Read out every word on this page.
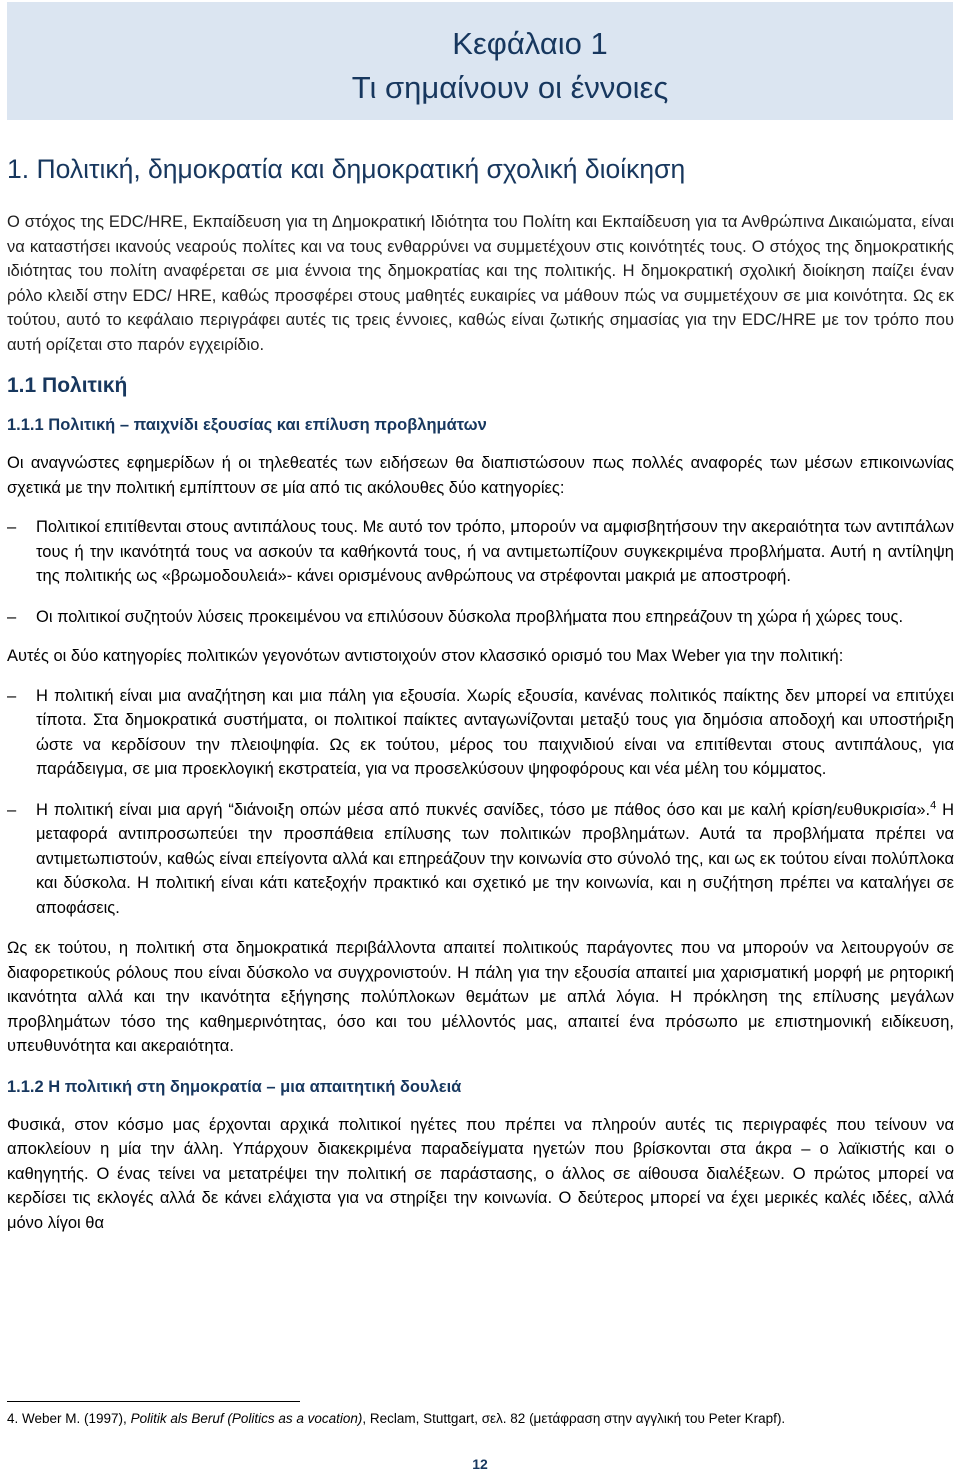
Κεφάλαιο 1
Τι σημαίνουν οι έννοιες
1. Πολιτική, δημοκρατία και δημοκρατική σχολική διοίκηση

Ο στόχος της EDC/HRE, Εκπαίδευση για τη Δημοκρατική Ιδιότητα του Πολίτη και Εκπαίδευση για τα Ανθρώπινα Δικαιώματα, είναι να καταστήσει ικανούς νεαρούς πολίτες και να τους ενθαρρύνει να συμμετέχουν στις κοινότητές τους. Ο στόχος της δημοκρατικής ιδιότητας του πολίτη αναφέρεται σε μια έννοια της δημοκρατίας και της πολιτικής. Η δημοκρατική σχολική διοίκηση παίζει έναν ρόλο κλειδί στην EDC/ HRE, καθώς προσφέρει στους μαθητές ευκαιρίες να μάθουν πώς να συμμετέχουν σε μια κοινότητα. Ως εκ τούτου, αυτό το κεφάλαιο περιγράφει αυτές τις τρεις έννοιες, καθώς είναι ζωτικής σημασίας για την EDC/HRE με τον τρόπο που αυτή ορίζεται στο παρόν εγχειρίδιο.

1.1 Πολιτική
1.1.1 Πολιτική – παιχνίδι εξουσίας και επίλυση προβλημάτων

Οι αναγνώστες εφημερίδων ή οι τηλεθεατές των ειδήσεων θα διαπιστώσουν πως πολλές αναφορές των μέσων επικοινωνίας σχετικά με την πολιτική εμπίπτουν σε μία από τις ακόλουθες δύο κατηγορίες:

– Πολιτικοί επιτίθενται στους αντιπάλους τους. Με αυτό τον τρόπο, μπορούν να αμφισβητήσουν την ακεραιότητα των αντιπάλων τους ή την ικανότητά τους να ασκούν τα καθήκοντά τους, ή να αντιμετωπίζουν συγκεκριμένα προβλήματα. Αυτή η αντίληψη της πολιτικής ως «βρωμοδουλειά»- κάνει ορισμένους ανθρώπους να στρέφονται μακριά με αποστροφή.
– Οι πολιτικοί συζητούν λύσεις προκειμένου να επιλύσουν δύσκολα προβλήματα που επηρεάζουν τη χώρα ή χώρες τους.

Αυτές οι δύο κατηγορίες πολιτικών γεγονότων αντιστοιχούν στον κλασσικό ορισμό του Max Weber για την πολιτική:

– Η πολιτική είναι μια αναζήτηση και μια πάλη για εξουσία. Χωρίς εξουσία, κανένας πολιτικός παίκτης δεν μπορεί να επιτύχει τίποτα. Στα δημοκρατικά συστήματα, οι πολιτικοί παίκτες ανταγωνίζονται μεταξύ τους για δημόσια αποδοχή και υποστήριξη ώστε να κερδίσουν την πλειοψηφία. Ως εκ τούτου, μέρος του παιχνιδιού είναι να επιτίθενται στους αντιπάλους, για παράδειγμα, σε μια προεκλογική εκστρατεία, για να προσελκύσουν ψηφοφόρους και νέα μέλη του κόμματος.
– Η πολιτική είναι μια αργή “διάνοιξη οπών μέσα από πυκνές σανίδες, τόσο με πάθος όσο και με καλή κρίση/ευθυκρισία».$^4$ Η μεταφορά αντιπροσωπεύει την προσπάθεια επίλυσης των πολιτικών προβλημάτων. Αυτά τα προβλήματα πρέπει να αντιμετωπιστούν, καθώς είναι επείγοντα αλλά και επηρεάζουν την κοινωνία στο σύνολό της, και ως εκ τούτου είναι πολύπλοκα και δύσκολα. Η πολιτική είναι κάτι κατεξοχήν πρακτικό και σχετικό με την κοινωνία, και η συζήτηση πρέπει να καταλήγει σε αποφάσεις.

Ως εκ τούτου, η πολιτική στα δημοκρατικά περιβάλλοντα απαιτεί πολιτικούς παράγοντες που να μπορούν να λειτουργούν σε διαφορετικούς ρόλους που είναι δύσκολο να συγχρονιστούν. Η πάλη για την εξουσία απαιτεί μια χαρισματική μορφή με ρητορική ικανότητα αλλά και την ικανότητα εξήγησης πολύπλοκων θεμάτων με απλά λόγια. Η πρόκληση της επίλυσης μεγάλων προβλημάτων τόσο της καθημερινότητας, όσο και του μέλλοντός μας, απαιτεί ένα πρόσωπο με επιστημονική ειδίκευση, υπευθυνότητα και ακεραιότητα.

1.1.2 Η πολιτική στη δημοκρατία – μια απαιτητική δουλειά

Φυσικά, στον κόσμο μας έρχονται αρχικά πολιτικοί ηγέτες που πρέπει να πληρούν αυτές τις περιγραφές που τείνουν να αποκλείουν η μία την άλλη. Υπάρχουν διακεκριμένα παραδείγματα ηγετών που βρίσκονται στα άκρα – ο λαϊκιστής και ο καθηγητής. Ο ένας τείνει να μετατρέψει την πολιτική σε παράστασης, ο άλλος σε αίθουσα διαλέξεων. Ο πρώτος μπορεί να κερδίσει τις εκλογές αλλά δε κάνει ελάχιστα για να στηρίξει την κοινωνία. Ο δεύτερος μπορεί να έχει μερικές καλές ιδέες, αλλά μόνο λίγοι θα

4. Weber M. (1997), Politik als Beruf (Politics as a vocation), Reclam, Stuttgart, σελ. 82 (μετάφραση στην αγγλική του Peter Krapf).
12
